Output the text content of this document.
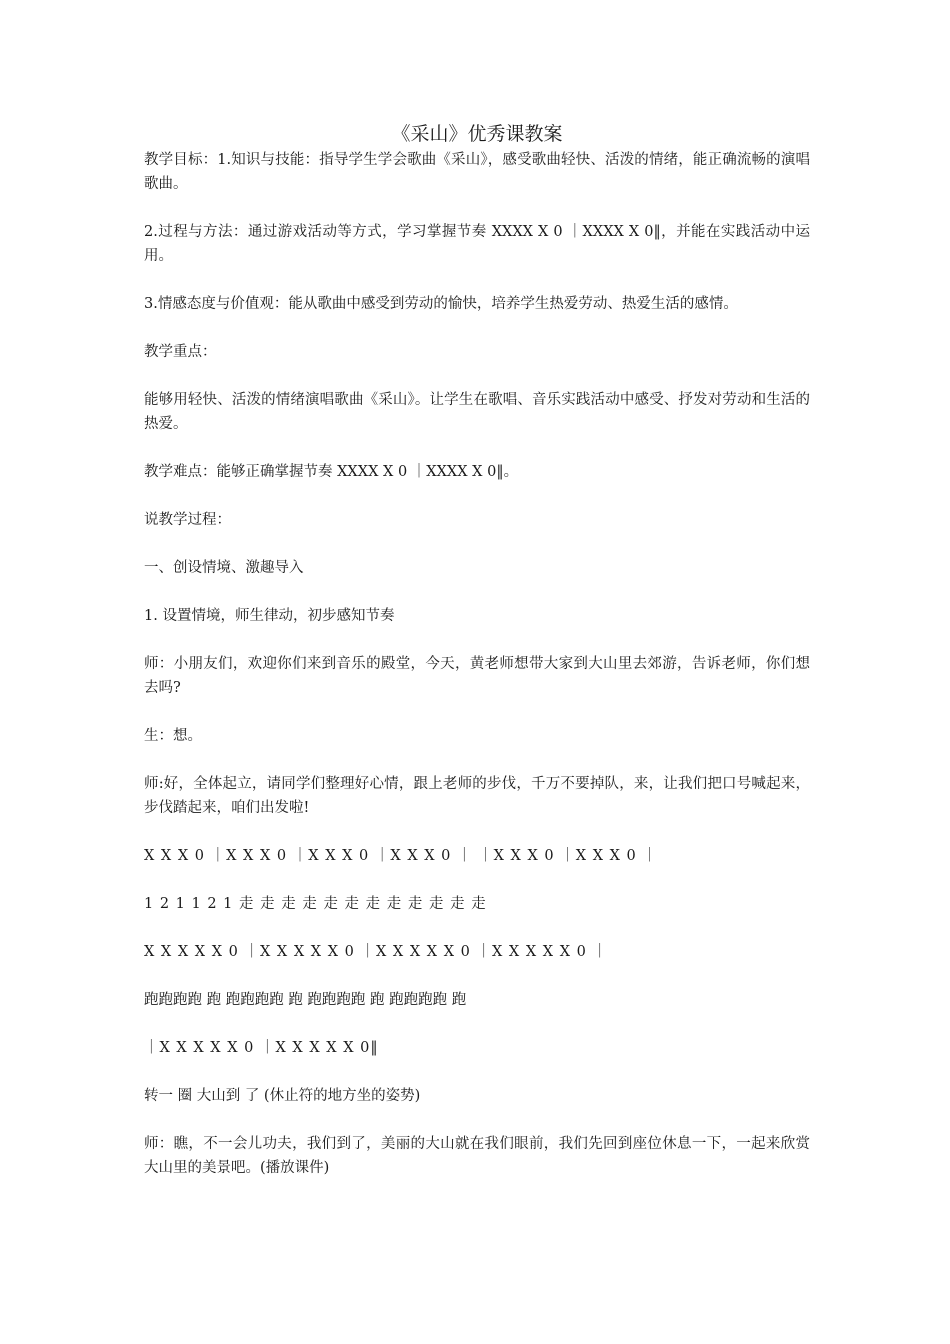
《采山》优秀课教案

教学目标：1.知识与技能：指导学生学会歌曲《采山》，感受歌曲轻快、活泼的情绪，能正确流畅的演唱歌曲。

2.过程与方法：通过游戏活动等方式，学习掌握节奏 XXXX X 0 ｜XXXX X 0‖，并能在实践活动中运用。

3.情感态度与价值观：能从歌曲中感受到劳动的愉快，培养学生热爱劳动、热爱生活的感情。

教学重点：

能够用轻快、活泼的情绪演唱歌曲《采山》。让学生在歌唱、音乐实践活动中感受、抒发对劳动和生活的热爱。

教学难点：能够正确掌握节奏 XXXX X 0 ｜XXXX X 0‖。

说教学过程：

一、创设情境、激趣导入

1. 设置情境，师生律动，初步感知节奏

师：小朋友们，欢迎你们来到音乐的殿堂，今天，黄老师想带大家到大山里去郊游，告诉老师，你们想去吗?

生：想。

师:好，全体起立，请同学们整理好心情，跟上老师的步伐，千万不要掉队，来，让我们把口号喊起来，步伐踏起来，咱们出发啦!

X X X 0 ｜X X X 0 ｜X X X 0 ｜X X X 0 ｜ ｜X X X 0 ｜X X X 0 ｜

1 2 1 1 2 1 走 走 走 走 走 走 走 走 走 走 走 走

X X X X X 0 ｜X X X X X 0 ｜X X X X X 0 ｜X X X X X 0 ｜

跑跑跑跑 跑 跑跑跑跑 跑 跑跑跑跑 跑 跑跑跑跑 跑

｜X X X X X 0 ｜X X X X X 0‖

转一 圈 大山到 了 (休止符的地方坐的姿势)

师：瞧，不一会儿功夫，我们到了，美丽的大山就在我们眼前，我们先回到座位休息一下，一起来欣赏大山里的美景吧。(播放课件)
